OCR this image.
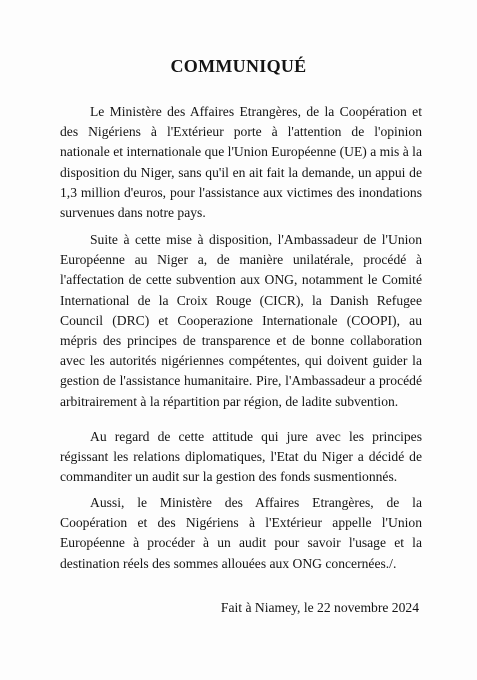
COMMUNIQUÉ

Le Ministère des Affaires Etrangères, de la Coopération et des Nigériens à l'Extérieur porte à l'attention de l'opinion nationale et internationale que l'Union Européenne (UE) a mis à la disposition du Niger, sans qu'il en ait fait la demande, un appui de 1,3 million d'euros, pour l'assistance aux victimes des inondations survenues dans notre pays.

Suite à cette mise à disposition, l'Ambassadeur de l'Union Européenne au Niger a, de manière unilatérale, procédé à l'affectation de cette subvention aux ONG, notamment le Comité International de la Croix Rouge (CICR), la Danish Refugee Council (DRC) et Cooperazione Internationale (COOPI), au mépris des principes de transparence et de bonne collaboration avec les autorités nigériennes compétentes, qui doivent guider la gestion de l'assistance humanitaire. Pire, l'Ambassadeur a procédé arbitrairement à la répartition par région, de ladite subvention.

Au regard de cette attitude qui jure avec les principes régissant les relations diplomatiques, l'Etat du Niger a décidé de commanditer un audit sur la gestion des fonds susmentionnés.

Aussi, le Ministère des Affaires Etrangères, de la Coopération et des Nigériens à l'Extérieur appelle l'Union Européenne à procéder à un audit pour savoir l'usage et la destination réels des sommes allouées aux ONG concernées./.

Fait à Niamey, le 22 novembre 2024
